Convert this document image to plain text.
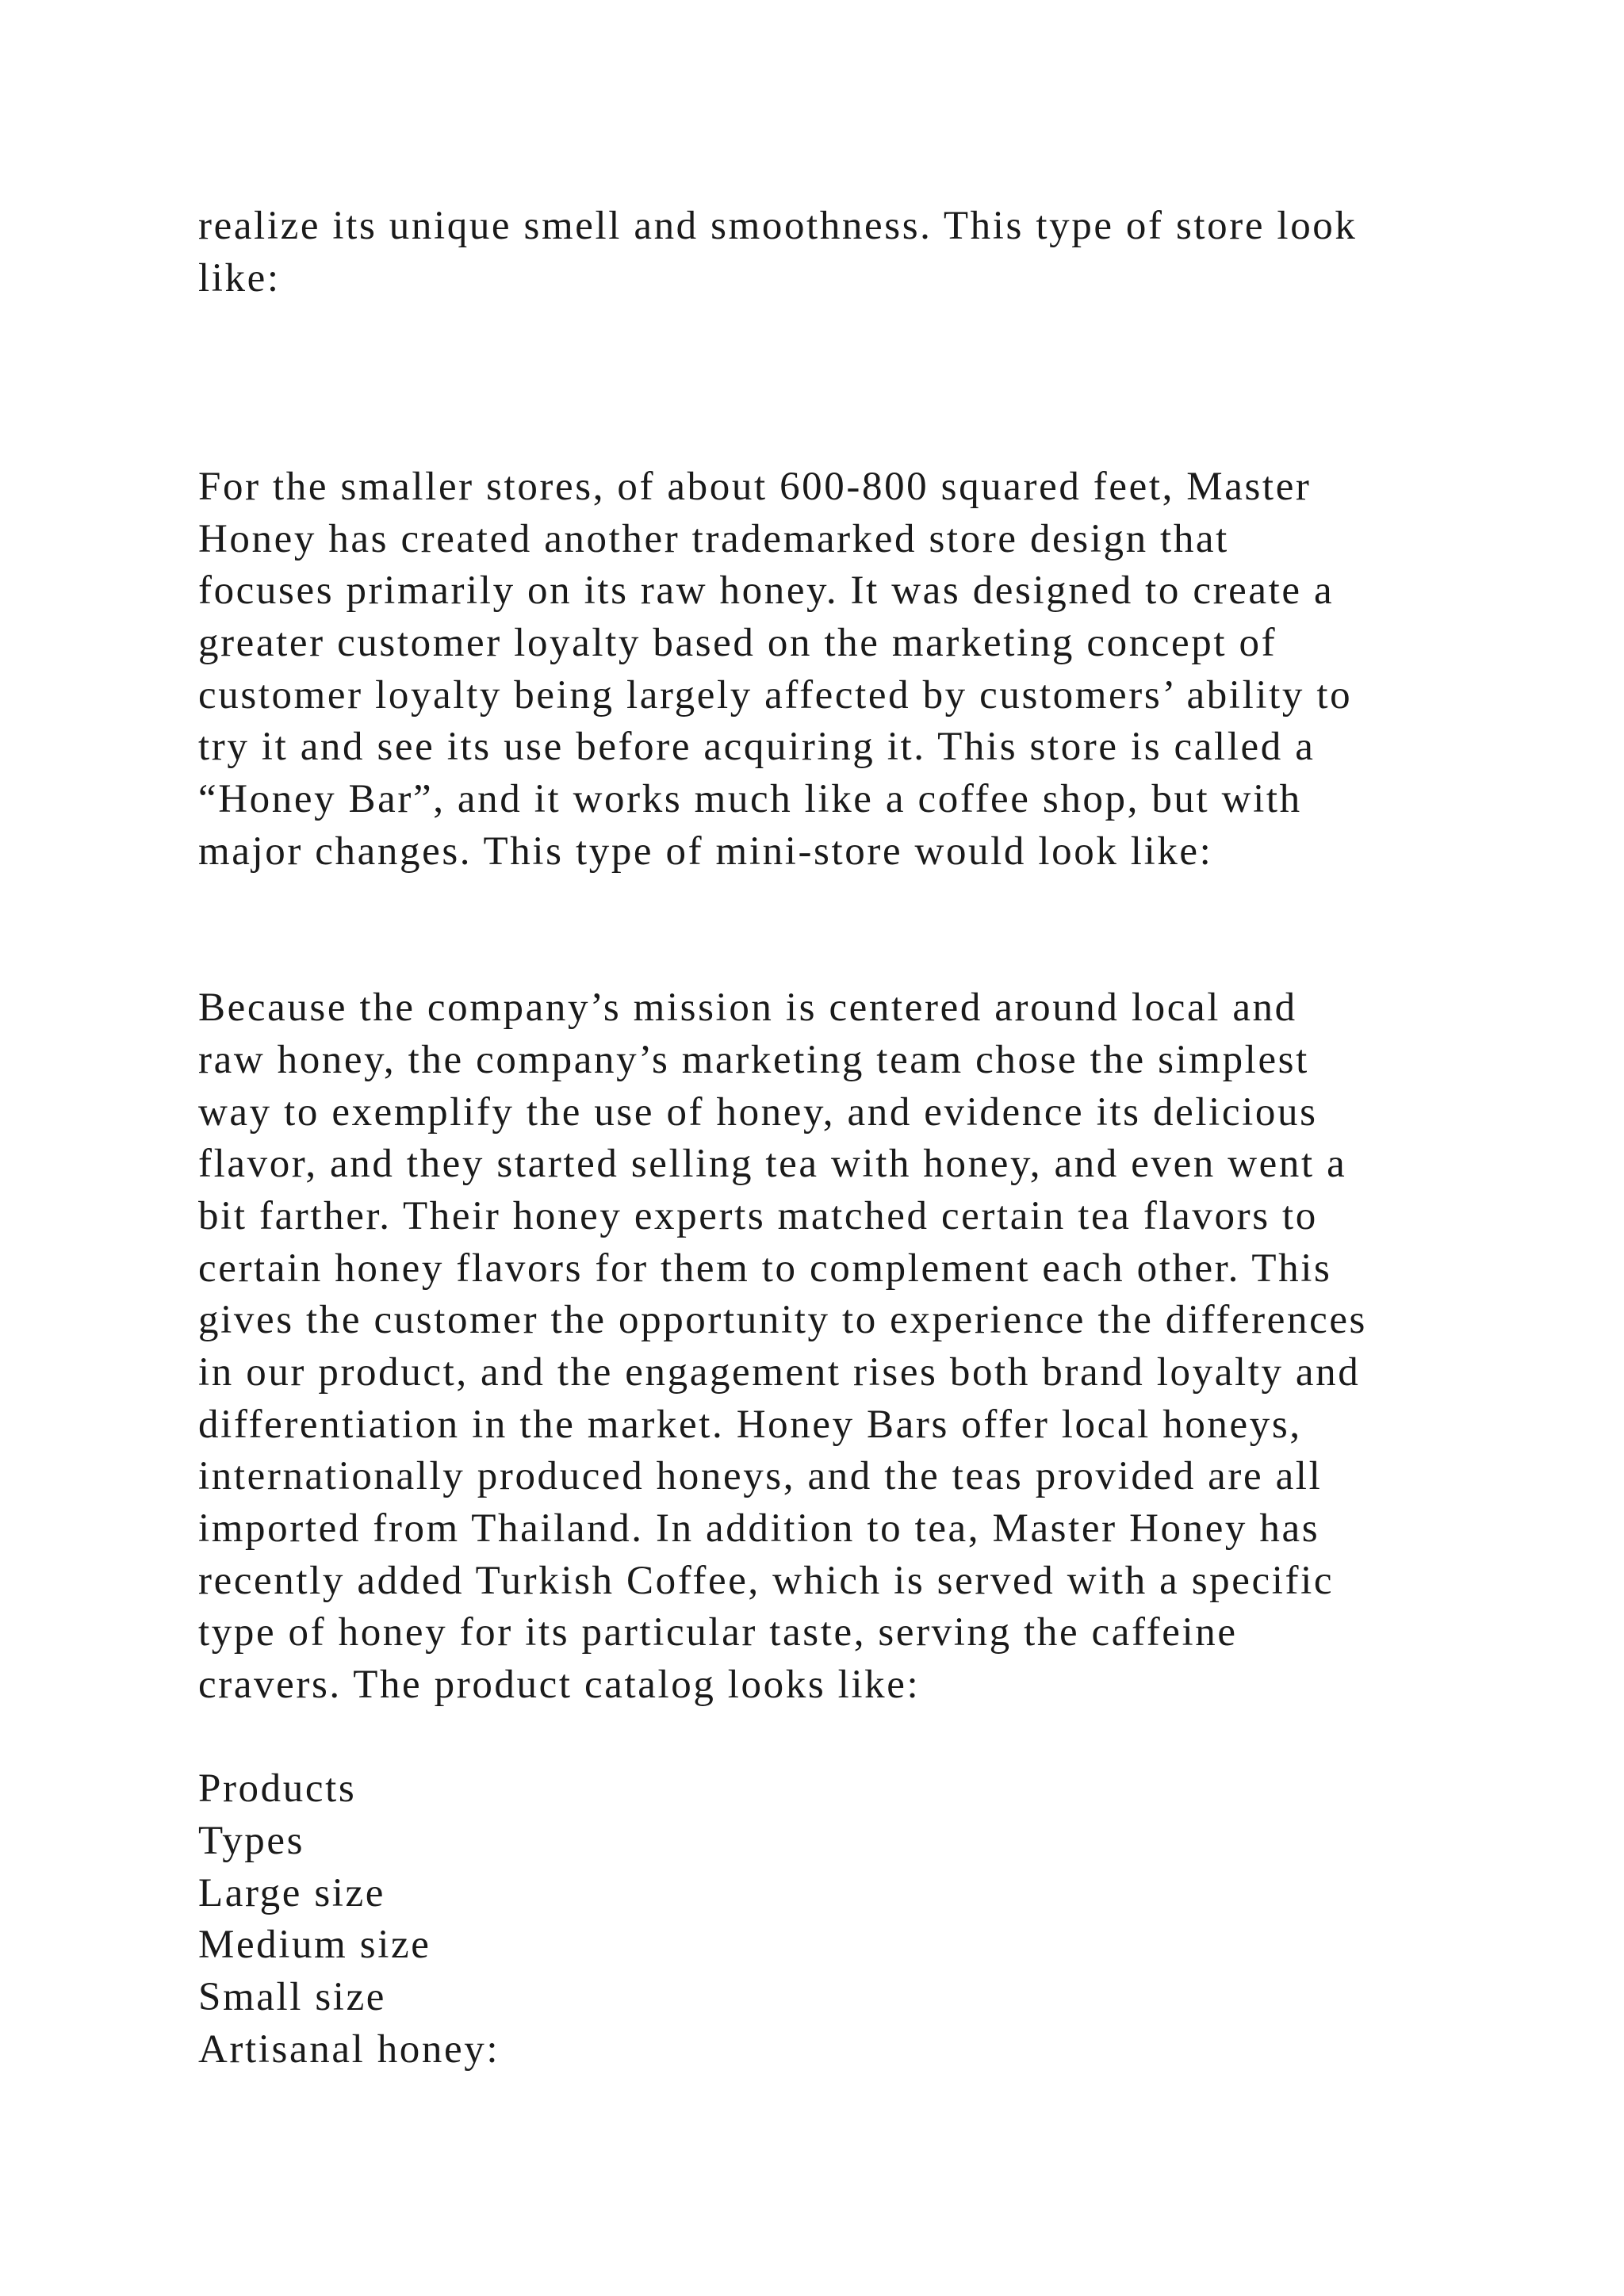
realize its unique smell and smoothness. This type of store look

like:

For the smaller stores, of about 600-800 squared feet, Master

Honey has created another trademarked store design that

focuses primarily on its raw honey. It was designed to create a

greater customer loyalty based on the marketing concept of

customer loyalty being largely affected by customers’ ability to

try it and see its use before acquiring it. This store is called a

“Honey Bar”, and it works much like a coffee shop, but with

major changes. This type of mini-store would look like:

Because the company’s mission is centered around local and

raw honey, the company’s marketing team chose the simplest

way to exemplify the use of honey, and evidence its delicious

flavor, and they started selling tea with honey, and even went a

bit farther. Their honey experts matched certain tea flavors to

certain honey flavors for them to complement each other. This

gives the customer the opportunity to experience the differences

in our product, and the engagement rises both brand loyalty and

differentiation in the market. Honey Bars offer local honeys,

internationally produced honeys, and the teas provided are all

imported from Thailand. In addition to tea, Master Honey has

recently added Turkish Coffee, which is served with a specific

type of honey for its particular taste, serving the caffeine

cravers. The product catalog looks like:

Products

Types

Large size

Medium size

Small size

Artisanal honey:
